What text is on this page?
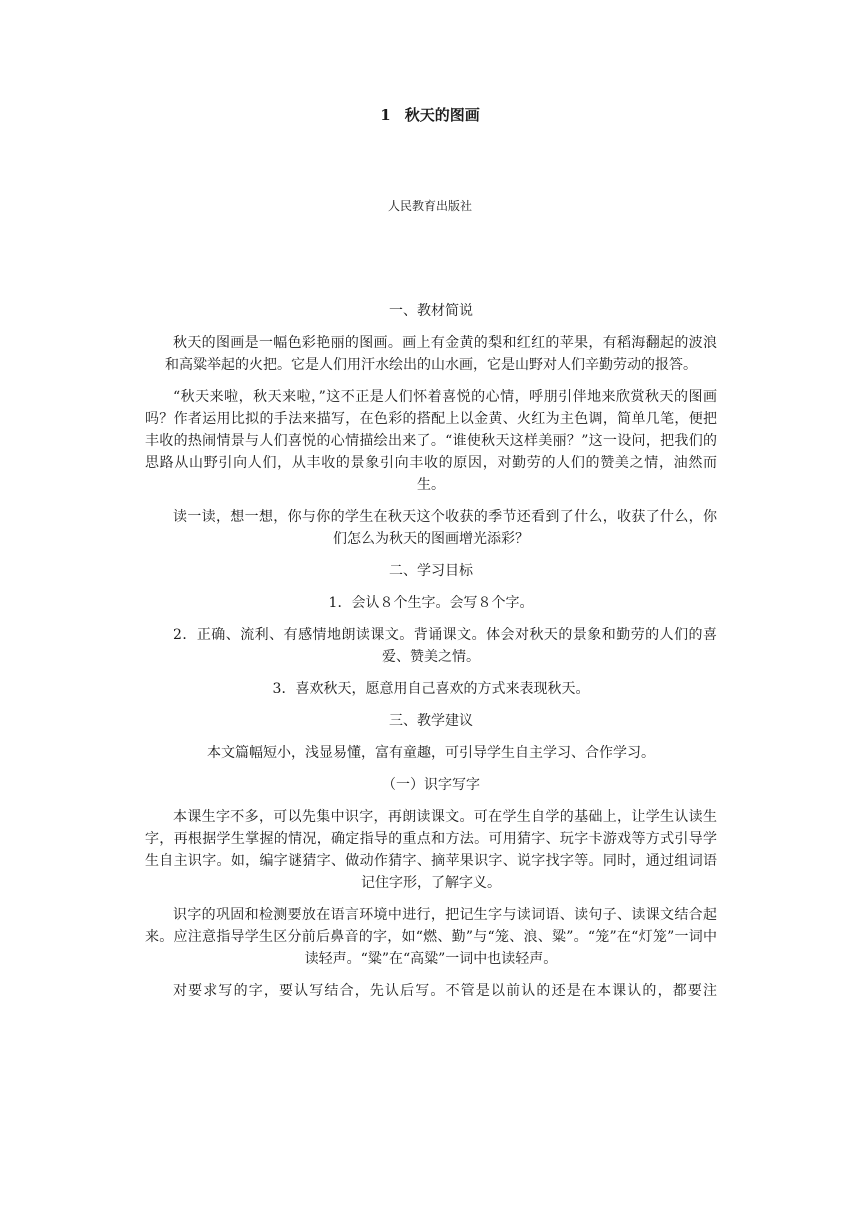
1 秋天的图画
人民教育出版社

一、教材简说

秋天的图画是一幅色彩艳丽的图画。画上有金黄的梨和红红的苹果，有稻海翻起的波浪和高粱举起的火把。它是人们用汗水绘出的山水画，它是山野对人们辛勤劳动的报答。

“秋天来啦，秋天来啦，”这不正是人们怀着喜悦的心情，呼朋引伴地来欣赏秋天的图画吗？作者运用比拟的手法来描写，在色彩的搭配上以金黄、火红为主色调，简单几笔，便把丰收的热闹情景与人们喜悦的心情描绘出来了。“谁使秋天这样美丽？”这一设问，把我们的思路从山野引向人们，从丰收的景象引向丰收的原因，对勤劳的人们的赞美之情，油然而生。

读一读，想一想，你与你的学生在秋天这个收获的季节还看到了什么，收获了什么，你们怎么为秋天的图画增光添彩？

二、学习目标

1．会认８个生字。会写８个字。

2．正确、流利、有感情地朗读课文。背诵课文。体会对秋天的景象和勤劳的人们的喜爱、赞美之情。

3．喜欢秋天，愿意用自己喜欢的方式来表现秋天。

三、教学建议

本文篇幅短小，浅显易懂，富有童趣，可引导学生自主学习、合作学习。

（一）识字写字

本课生字不多，可以先集中识字，再朗读课文。可在学生自学的基础上，让学生认读生字，再根据学生掌握的情况，确定指导的重点和方法。可用猜字、玩字卡游戏等方式引导学生自主识字。如，编字谜猜字、做动作猜字、摘苹果识字、说字找字等。同时，通过组词语记住字形，了解字义。

识字的巩固和检测要放在语言环境中进行，把记生字与读词语、读句子、读课文结合起来。应注意指导学生区分前后鼻音的字，如“燃、勤”与“笼、浪、粱”。“笼”在“灯笼”一词中读轻声。“粱”在“高粱”一词中也读轻声。

对要求写的字，要认写结合，先认后写。不管是以前认的还是在本课认的，都要注
